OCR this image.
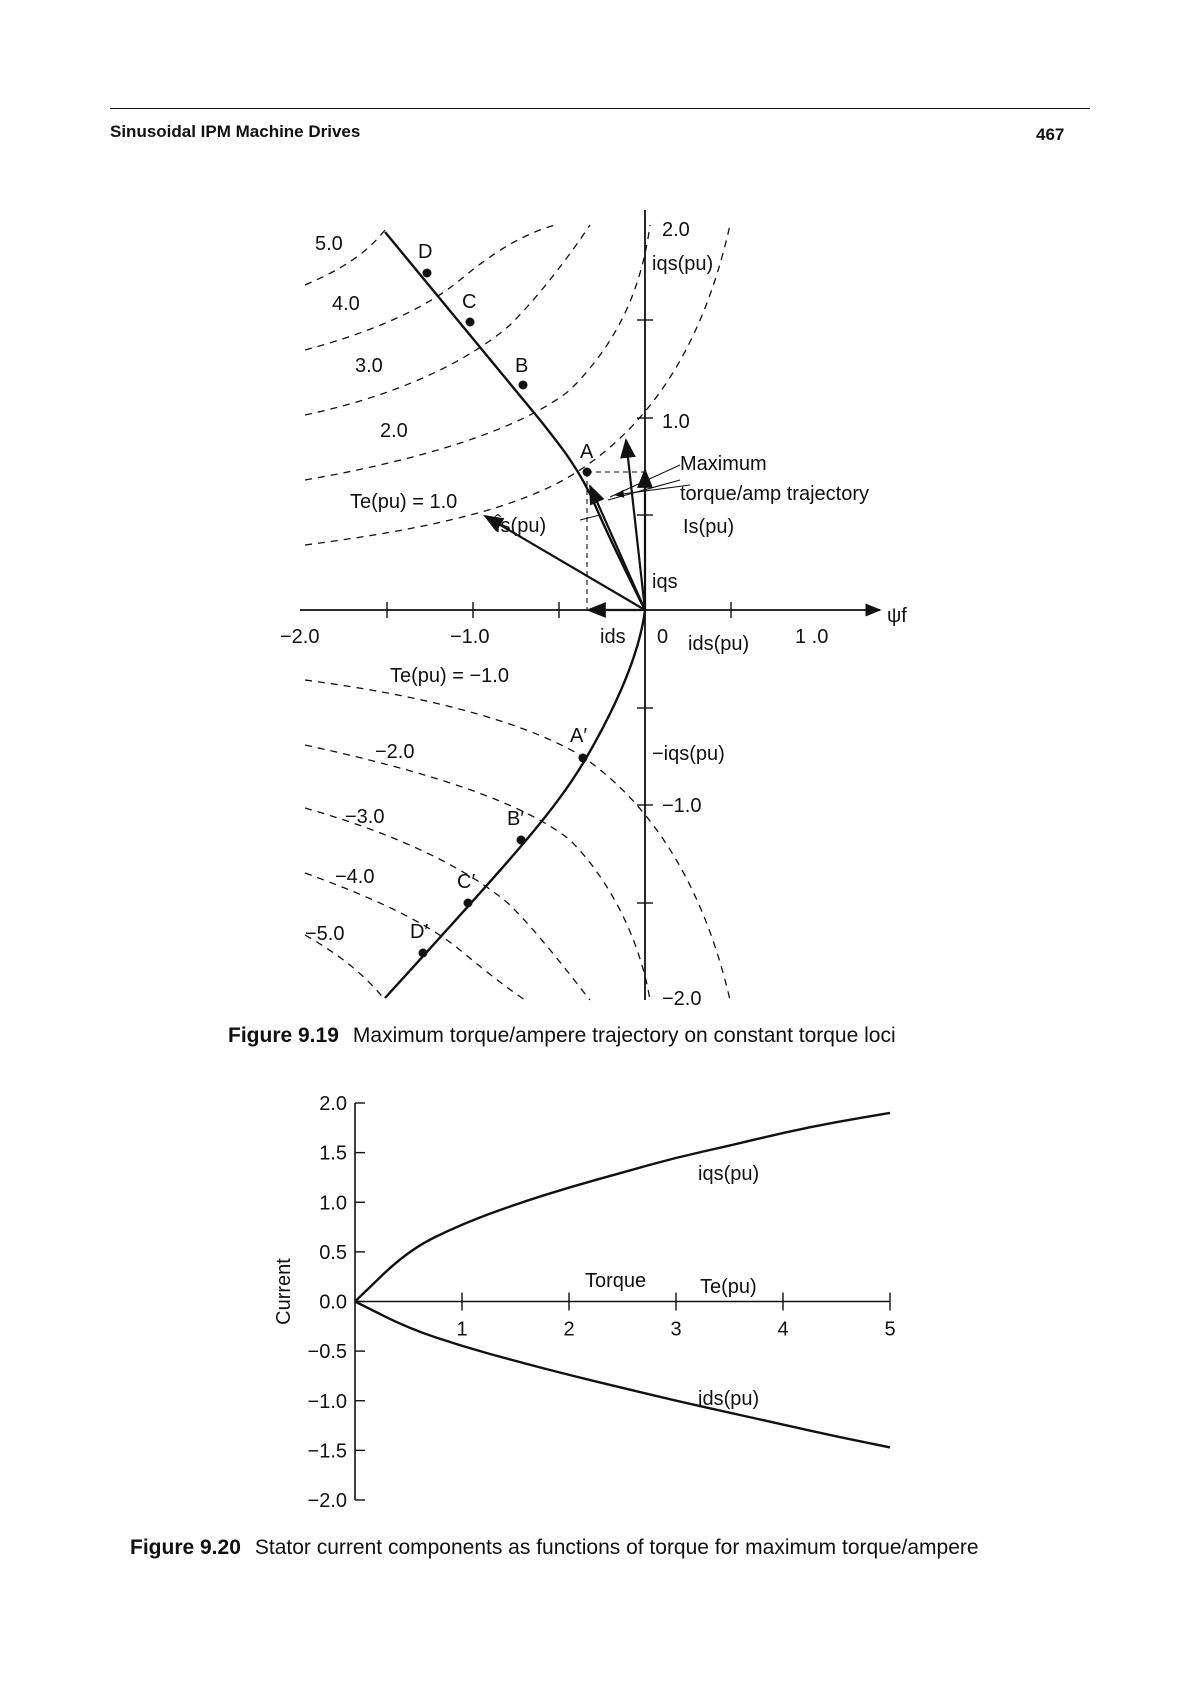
Sinusoidal IPM Machine Drives	467
5.0
4.0
3.0
2.0
Te(pu) = 1.0
Te(pu) = −1.0
−2.0
−3.0
−4.0
−5.0
A
B
C
D
A′
B′
C′
D′
−2.0	−1.0	0	1 .0
2.0
1.0
−1.0
−2.0
iqs(pu)
−iqs(pu)
ids(pu)
ψf
Îs(pu)	Is(pu)
iqs
ids
Maximum
torque/amp trajectory
Figure 9.19 Maximum torque/ampere trajectory on constant torque loci
2.0
1.5
1.0
0.5
0.0
−0.5
−1.0
−1.5
−2.0
1	2	3	4	5
Current	Torque	Te(pu)
iqs(pu)
ids(pu)
Figure 9.20 Stator current components as functions of torque for maximum torque/ampere
